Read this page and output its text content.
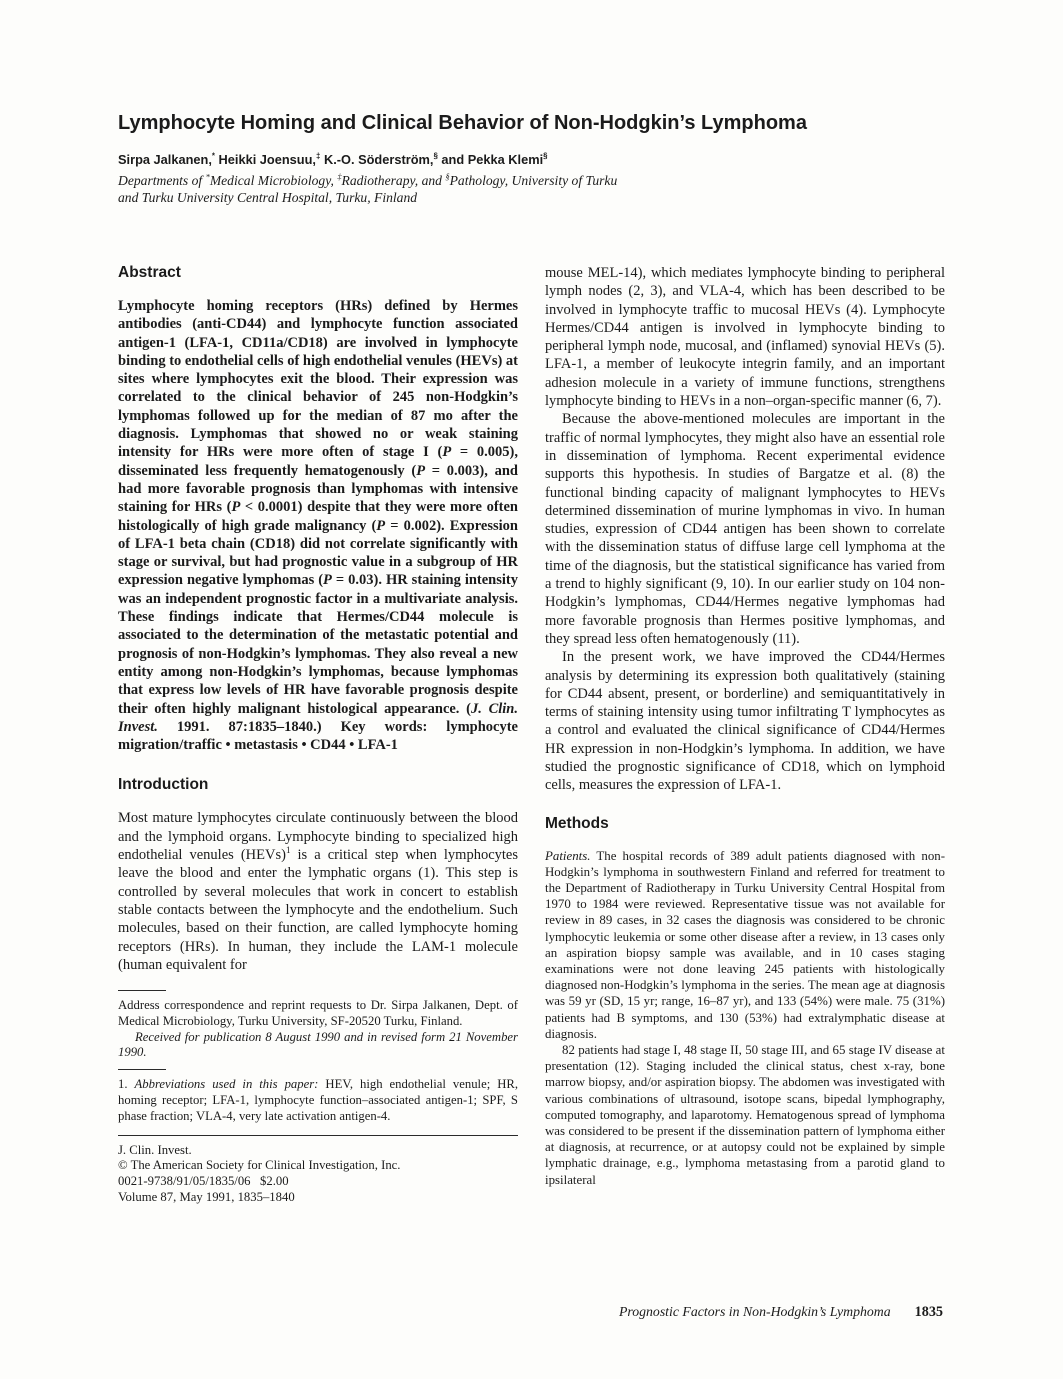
Lymphocyte Homing and Clinical Behavior of Non-Hodgkin’s Lymphoma
Sirpa Jalkanen,* Heikki Joensuu,‡ K.-O. Söderström,§ and Pekka Klemi§
Departments of *Medical Microbiology, ‡Radiotherapy, and §Pathology, University of Turku
and Turku University Central Hospital, Turku, Finland
Abstract

Lymphocyte homing receptors (HRs) defined by Hermes antibodies (anti-CD44) and lymphocyte function associated antigen-1 (LFA-1, CD11a/CD18) are involved in lymphocyte binding to endothelial cells of high endothelial venules (HEVs) at sites where lymphocytes exit the blood. Their expression was correlated to the clinical behavior of 245 non-Hodgkin’s lymphomas followed up for the median of 87 mo after the diagnosis. Lymphomas that showed no or weak staining intensity for HRs were more often of stage I (P = 0.005), disseminated less frequently hematogenously (P = 0.003), and had more favorable prognosis than lymphomas with intensive staining for HRs (P < 0.0001) despite that they were more often histologically of high grade malignancy (P = 0.002). Expression of LFA-1 beta chain (CD18) did not correlate significantly with stage or survival, but had prognostic value in a subgroup of HR expression negative lymphomas (P = 0.03). HR staining intensity was an independent prognostic factor in a multivariate analysis. These findings indicate that Hermes/CD44 molecule is associated to the determination of the metastatic potential and prognosis of non-Hodgkin’s lymphomas. They also reveal a new entity among non-Hodgkin’s lymphomas, because lymphomas that express low levels of HR have favorable prognosis despite their often highly malignant histological appearance. (J. Clin. Invest. 1991. 87:1835–1840.) Key words: lymphocyte migration/traffic • metastasis • CD44 • LFA-1

Introduction

Most mature lymphocytes circulate continuously between the blood and the lymphoid organs. Lymphocyte binding to specialized high endothelial venules (HEVs)$^1$ is a critical step when lymphocytes leave the blood and enter the lymphatic organs (1). This step is controlled by several molecules that work in concert to establish stable contacts between the lymphocyte and the endothelium. Such molecules, based on their function, are called lymphocyte homing receptors (HRs). In human, they include the LAM-1 molecule (human equivalent for

Address correspondence and reprint requests to Dr. Sirpa Jalkanen, Dept. of Medical Microbiology, Turku University, SF-20520 Turku, Finland.

Received for publication 8 August 1990 and in revised form 21 November 1990.

1. Abbreviations used in this paper: HEV, high endothelial venule; HR, homing receptor; LFA-1, lymphocyte function–associated antigen-1; SPF, S phase fraction; VLA-4, very late activation antigen-4.

J. Clin. Invest.
© The American Society for Clinical Investigation, Inc.
0021-9738/91/05/1835/06   $2.00
Volume 87, May 1991, 1835–1840

mouse MEL-14), which mediates lymphocyte binding to peripheral lymph nodes (2, 3), and VLA-4, which has been described to be involved in lymphocyte traffic to mucosal HEVs (4). Lymphocyte Hermes/CD44 antigen is involved in lymphocyte binding to peripheral lymph node, mucosal, and (inflamed) synovial HEVs (5). LFA-1, a member of leukocyte integrin family, and an important adhesion molecule in a variety of immune functions, strengthens lymphocyte binding to HEVs in a non–organ-specific manner (6, 7).

Because the above-mentioned molecules are important in the traffic of normal lymphocytes, they might also have an essential role in dissemination of lymphoma. Recent experimental evidence supports this hypothesis. In studies of Bargatze et al. (8) the functional binding capacity of malignant lymphocytes to HEVs determined dissemination of murine lymphomas in vivo. In human studies, expression of CD44 antigen has been shown to correlate with the dissemination status of diffuse large cell lymphoma at the time of the diagnosis, but the statistical significance has varied from a trend to highly significant (9, 10). In our earlier study on 104 non-Hodgkin’s lymphomas, CD44/Hermes negative lymphomas had more favorable prognosis than Hermes positive lymphomas, and they spread less often hematogenously (11).

In the present work, we have improved the CD44/Hermes analysis by determining its expression both qualitatively (staining for CD44 absent, present, or borderline) and semiquantitatively in terms of staining intensity using tumor infiltrating T lymphocytes as a control and evaluated the clinical significance of CD44/Hermes HR expression in non-Hodgkin’s lymphoma. In addition, we have studied the prognostic significance of CD18, which on lymphoid cells, measures the expression of LFA-1.

Methods

Patients. The hospital records of 389 adult patients diagnosed with non-Hodgkin’s lymphoma in southwestern Finland and referred for treatment to the Department of Radiotherapy in Turku University Central Hospital from 1970 to 1984 were reviewed. Representative tissue was not available for review in 89 cases, in 32 cases the diagnosis was considered to be chronic lymphocytic leukemia or some other disease after a review, in 13 cases only an aspiration biopsy sample was available, and in 10 cases staging examinations were not done leaving 245 patients with histologically diagnosed non-Hodgkin’s lymphoma in the series. The mean age at diagnosis was 59 yr (SD, 15 yr; range, 16–87 yr), and 133 (54%) were male. 75 (31%) patients had B symptoms, and 130 (53%) had extralymphatic disease at diagnosis.

82 patients had stage I, 48 stage II, 50 stage III, and 65 stage IV disease at presentation (12). Staging included the clinical status, chest x-ray, bone marrow biopsy, and/or aspiration biopsy. The abdomen was investigated with various combinations of ultrasound, isotope scans, bipedal lymphography, computed tomography, and laparotomy. Hematogenous spread of lymphoma was considered to be present if the dissemination pattern of lymphoma either at diagnosis, at recurrence, or at autopsy could not be explained by simple lymphatic drainage, e.g., lymphoma metastasing from a parotid gland to ipsilateral

Prognostic Factors in Non-Hodgkin’s Lymphoma 1835
